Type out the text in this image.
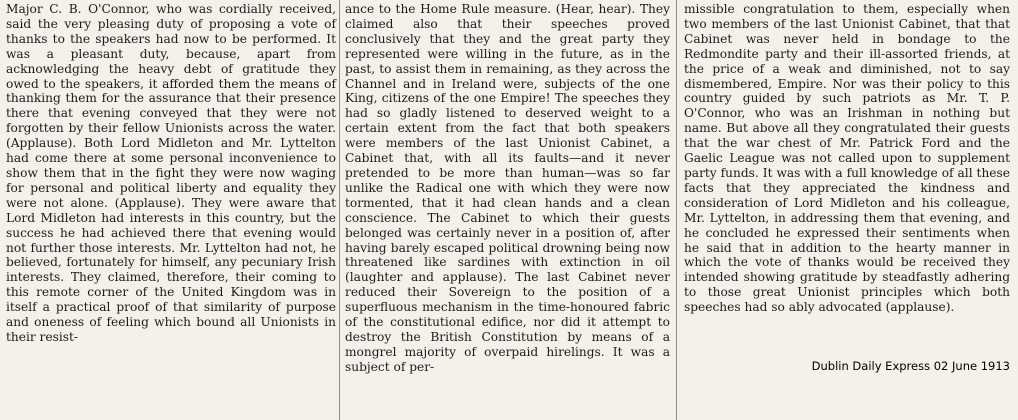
Major C. B. O'Connor, who was cordially received, said the very pleasing duty of proposing a vote of thanks to the speakers had now to be performed. It was a pleasant duty, because, apart from acknowledging the heavy debt of gratitude they owed to the speakers, it afforded them the means of thanking them for the assurance that their presence there that evening conveyed that they were not forgotten by their fellow Unionists across the water. (Applause). Both Lord Midleton and Mr. Lyttelton had come there at some personal inconvenience to show them that in the fight they were now waging for personal and political liberty and equality they were not alone. (Applause). They were aware that Lord Midleton had interests in this country, but the success he had achieved there that evening would not further those interests. Mr. Lyttelton had not, he believed, fortunately for himself, any pecuniary Irish interests. They claimed, therefore, their coming to this remote corner of the United Kingdom was in itself a practical proof of that similarity of purpose and oneness of feeling which bound all Unionists in their resist-

ance to the Home Rule measure. (Hear, hear). They claimed also that their speeches proved conclusively that they and the great party they represented were willing in the future, as in the past, to assist them in remaining, as they across the Channel and in Ireland were, subjects of the one King, citizens of the one Empire! The speeches they had so gladly listened to deserved weight to a certain extent from the fact that both speakers were members of the last Unionist Cabinet, a Cabinet that, with all its faults—and it never pretended to be more than human—was so far unlike the Radical one with which they were now tormented, that it had clean hands and a clean conscience. The Cabinet to which their guests belonged was certainly never in a position of, after having barely escaped political drowning being now threatened like sardines with extinction in oil (laughter and applause). The last Cabinet never reduced their Sovereign to the position of a superfluous mechanism in the time-honoured fabric of the constitutional edifice, nor did it attempt to destroy the British Constitution by means of a mongrel majority of overpaid hirelings. It was a subject of per-

missible congratulation to them, especially when two members of the last Unionist Cabinet, that that Cabinet was never held in bondage to the Redmondite party and their ill-assorted friends, at the price of a weak and diminished, not to say dismembered, Empire. Nor was their policy to this country guided by such patriots as Mr. T. P. O'Connor, who was an Irishman in nothing but name. But above all they congratulated their guests that the war chest of Mr. Patrick Ford and the Gaelic League was not called upon to supplement party funds. It was with a full knowledge of all these facts that they appreciated the kindness and consideration of Lord Midleton and his colleague, Mr. Lyttelton, in addressing them that evening, and he concluded he expressed their sentiments when he said that in addition to the hearty manner in which the vote of thanks would be received they intended showing gratitude by steadfastly adhering to those great Unionist principles which both speeches had so ably advocated (applause).

Dublin Daily Express 02 June 1913
